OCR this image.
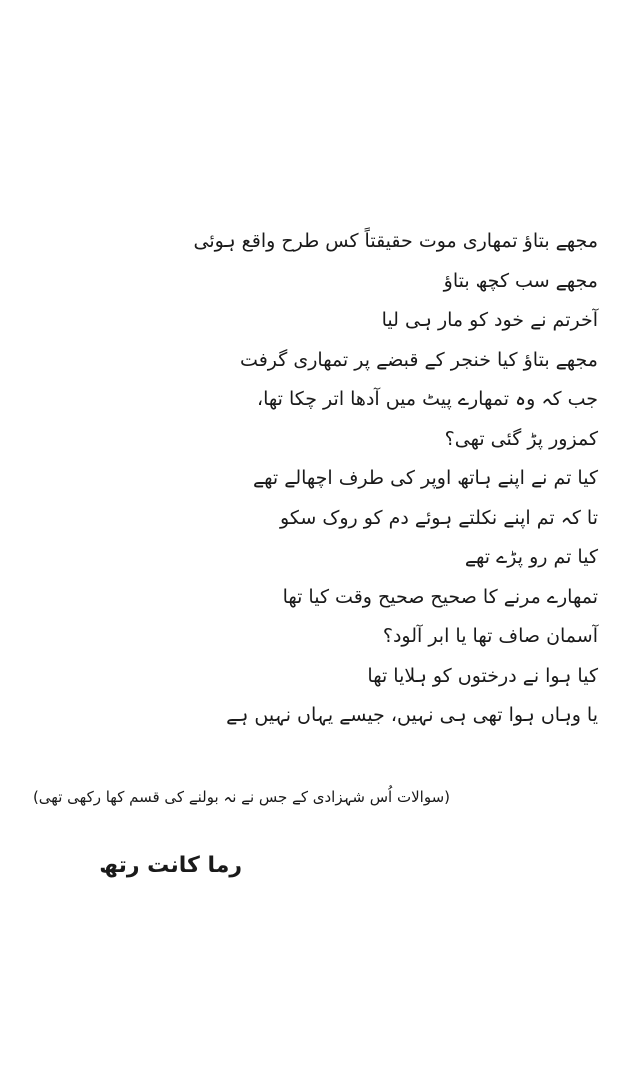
مجھے بتاؤ تمھاری موت حقیقتاً کس طرح واقع ہوئی
مجھے سب کچھ بتاؤ
آخرتم نے خود کو مار ہی لیا
مجھے بتاؤ کیا خنجر کے قبضے پر تمھاری گرفت
جب کہ وہ تمھارے پیٹ میں آدھا اتر چکا تھا،
کمزور پڑ گئی تھی؟
کیا تم نے اپنے ہاتھ اوپر کی طرف اچھالے تھے
تا کہ تم اپنے نکلتے ہوئے دم کو روک سکو
کیا تم رو پڑے تھے
تمھارے مرنے کا صحیح صحیح وقت کیا تھا
آسمان صاف تھا یا ابر آلود؟
کیا ہوا نے درختوں کو ہلایا تھا
یا وہاں ہوا تھی ہی نہیں، جیسے یہاں نہیں ہے
(سوالات اُس شہزادی کے جس نے نہ بولنے کی قسم کھا رکھی تھی)
رما کانت رتھ
